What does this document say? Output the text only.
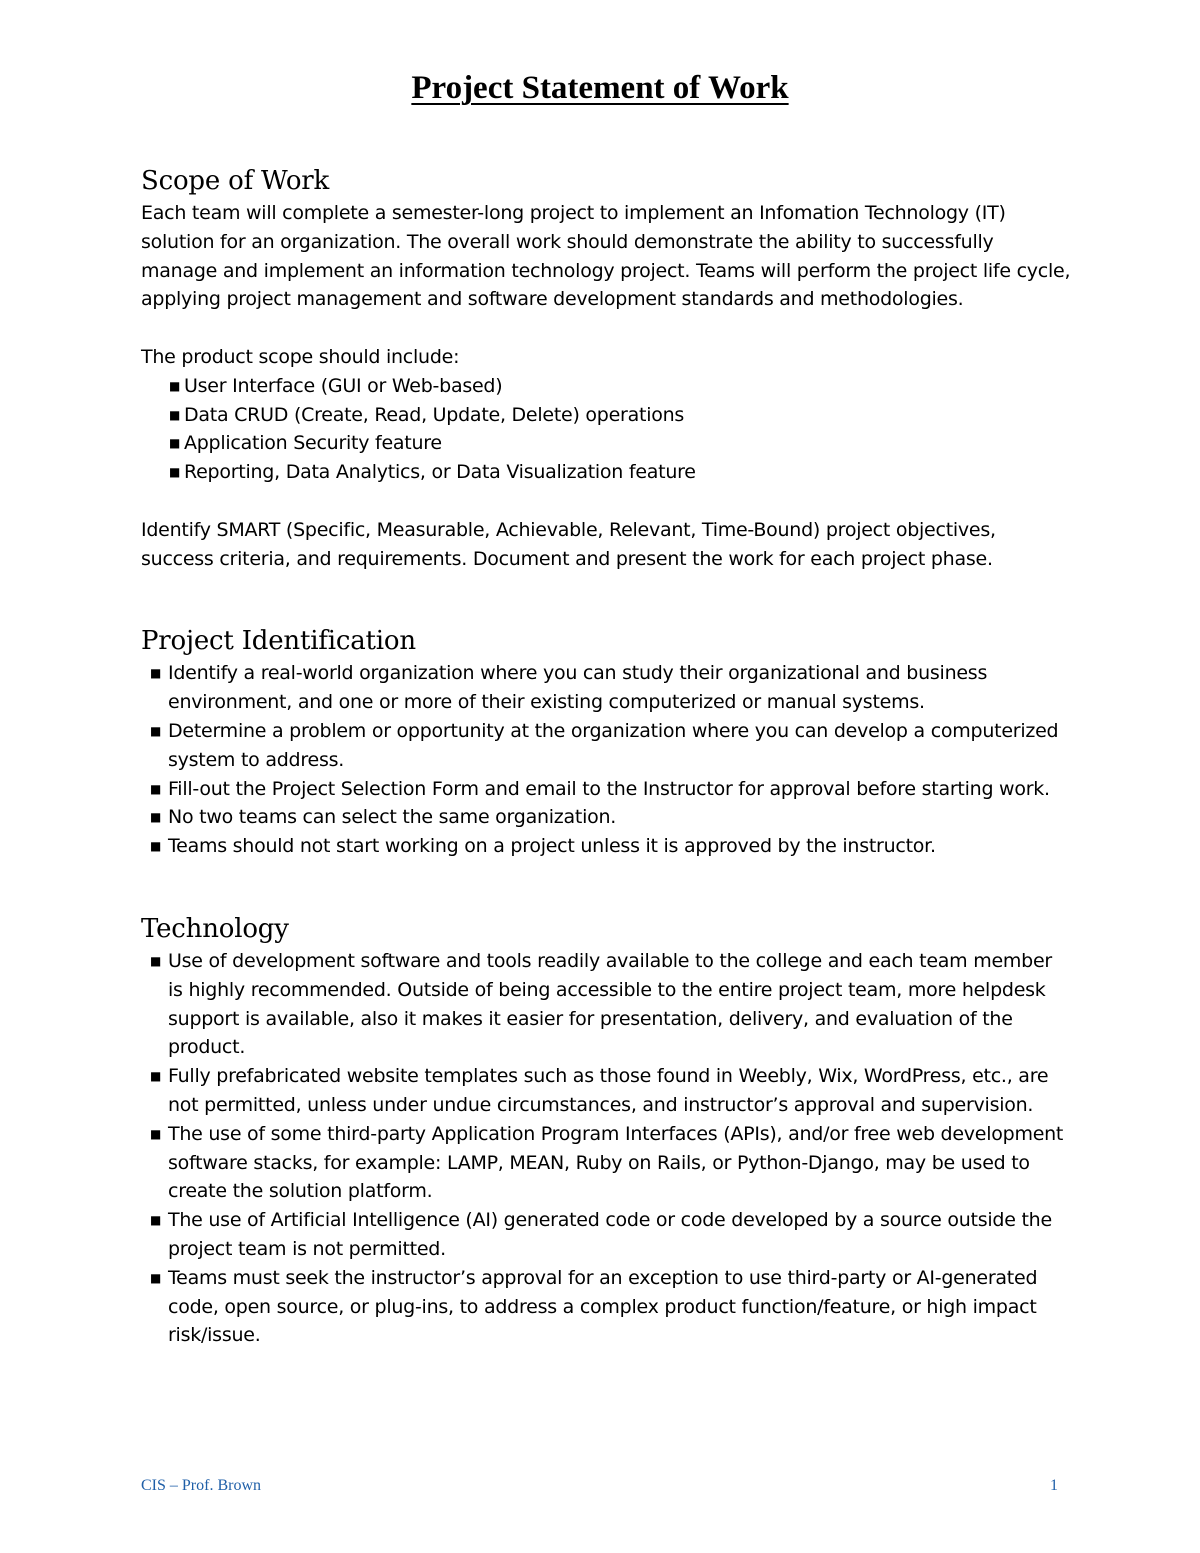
Project Statement of Work
Scope of Work

Each team will complete a semester-long project to implement an Infomation Technology (IT) solution for an organization. The overall work should demonstrate the ability to successfully manage and implement an information technology project. Teams will perform the project life cycle, applying project management and software development standards and methodologies.

The product scope should include:

■ User Interface (GUI or Web-based)
■ Data CRUD (Create, Read, Update, Delete) operations
■ Application Security feature
■ Reporting, Data Analytics, or Data Visualization feature

Identify SMART (Specific, Measurable, Achievable, Relevant, Time-Bound) project objectives, success criteria, and requirements. Document and present the work for each project phase.

Project Identification
■ Identify a real-world organization where you can study their organizational and business environment, and one or more of their existing computerized or manual systems.
■ Determine a problem or opportunity at the organization where you can develop a computerized system to address.
■ Fill-out the Project Selection Form and email to the Instructor for approval before starting work.
■ No two teams can select the same organization.
■ Teams should not start working on a project unless it is approved by the instructor.
Technology
■ Use of development software and tools readily available to the college and each team member is highly recommended. Outside of being accessible to the entire project team, more helpdesk support is available, also it makes it easier for presentation, delivery, and evaluation of the product.
■ Fully prefabricated website templates such as those found in Weebly, Wix, WordPress, etc., are not permitted, unless under undue circumstances, and instructor’s approval and supervision.
■ The use of some third-party Application Program Interfaces (APIs), and/or free web development software stacks, for example: LAMP, MEAN, Ruby on Rails, or Python-Django, may be used to create the solution platform.
■ The use of Artificial Intelligence (AI) generated code or code developed by a source outside the project team is not permitted.
■ Teams must seek the instructor’s approval for an exception to use third-party or AI-generated code, open source, or plug-ins, to address a complex product function/feature, or high impact risk/issue.
CIS – Prof. Brown	1
